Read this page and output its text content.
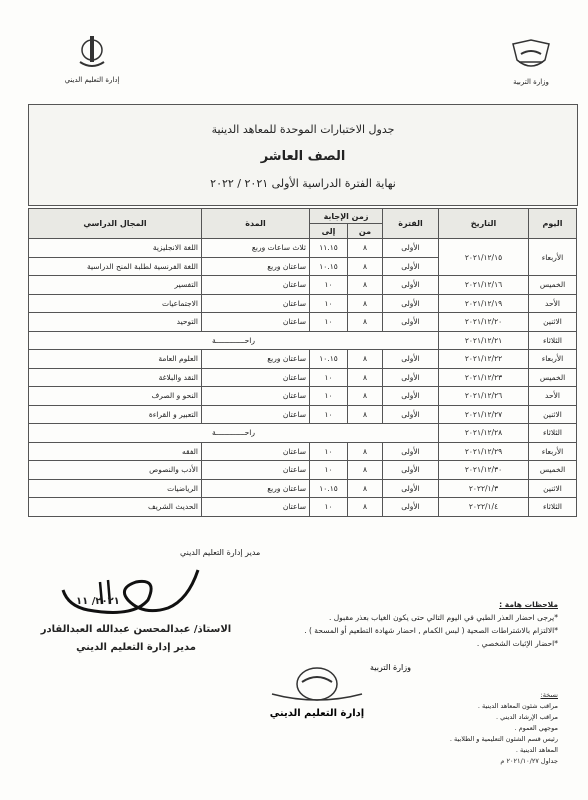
إدارة التعليم الديني	وزارة التربية
جدول الاختبارات الموحدة للمعاهد الدينية
الصف العاشر
نهاية الفترة الدراسية الأولى ٢٠٢١ / ٢٠٢٢
اليوم	التاريخ	الفترة	زمن الإجابة		المدة	المجال الدراسي
			من	إلى		
الأربعاء	٢٠٢١/١٢/١٥	الأولى	٨	١١.١٥	ثلاث ساعات وربع	اللغة الانجليزية
		الأولى	٨	١٠.١٥	ساعتان وربع	اللغة الفرنسية لطلبة المنح الدراسية
الخميس	٢٠٢١/١٢/١٦	الأولى	٨	١٠	ساعتان	التفسير
الأحد	٢٠٢١/١٢/١٩	الأولى	٨	١٠	ساعتان	الاجتماعيات
الاثنين	٢٠٢١/١٢/٢٠	الأولى	٨	١٠	ساعتان	التوحيد
الثلاثاء	٢٠٢١/١٢/٢١	راحـــــــــــــة				
الأربعاء	٢٠٢١/١٢/٢٢	الأولى	٨	١٠.١٥	ساعتان وربع	العلوم العامة
الخميس	٢٠٢١/١٢/٢٣	الأولى	٨	١٠	ساعتان	النقد والبلاغة
الأحد	٢٠٢١/١٢/٢٦	الأولى	٨	١٠	ساعتان	النحو و الصرف
الاثنين	٢٠٢١/١٢/٢٧	الأولى	٨	١٠	ساعتان	التعبير و القراءة
الثلاثاء	٢٠٢١/١٢/٢٨	راحـــــــــــــة				
الأربعاء	٢٠٢١/١٢/٢٩	الأولى	٨	١٠	ساعتان	الفقه
الخميس	٢٠٢١/١٢/٣٠	الأولى	٨	١٠	ساعتان	الأدب والنصوص
الاثنين	٢٠٢٢/١/٣	الأولى	٨	١٠.١٥	ساعتان وربع	الرياضيات
الثلاثاء	٢٠٢٢/١/٤	الأولى	٨	١٠	ساعتان	الحديث الشريف
مدير إدارة التعليم الديني
٢٠٢١/ ١١
الاستاذ/ عبدالمحسن عبدالله العبدالقادر
مدير إدارة التعليم الديني
ملاحظات هامة :
*يرجى احضار العذر الطبي في اليوم التالي حتى يكون الغياب بعذر مقبول .
*الالتزام بالاشتراطات الصحية ( لبس الكمام , احضار شهادة التطعيم أو المسحة ) .
*احضار الإثبات الشخصي .
وزارة التربية
إدارة التعليم الديني
نسخة:
مراقب شئون المعاهد الدينية .
مراقب الإرشاد الديني .
موجهي العموم .
رئيس قسم الشئون التعليمية و الطلابية .
المعاهد الدينية .
جداول ٢٠٢١/١٠/٢٧ م
